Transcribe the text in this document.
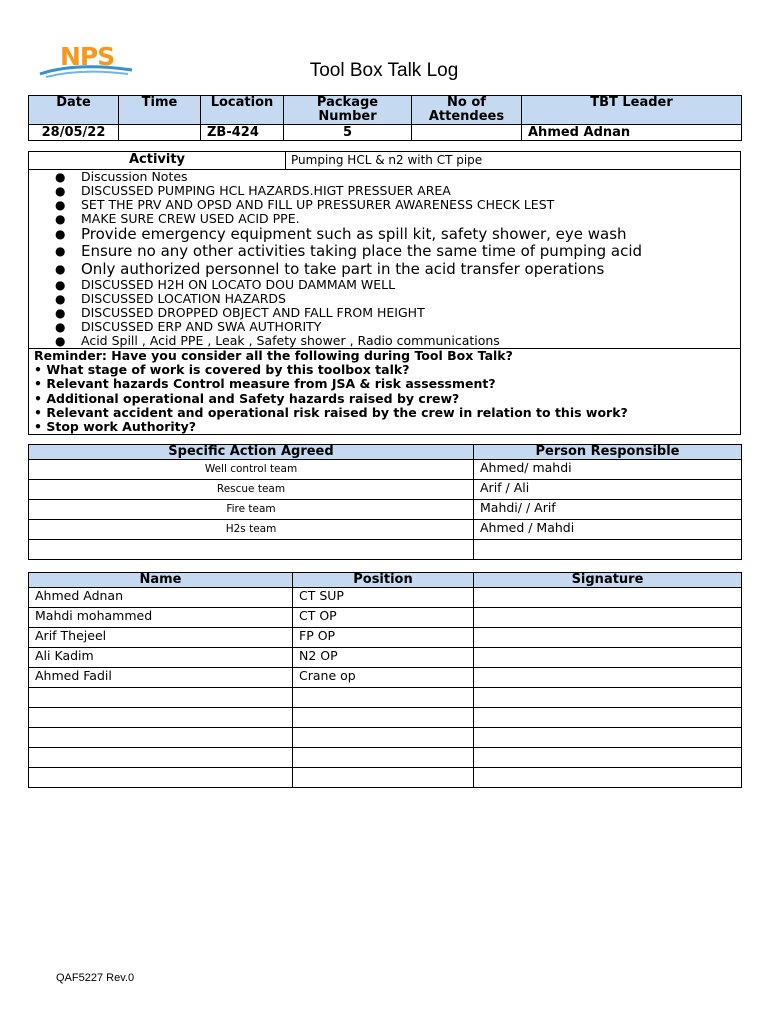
NPS	Tool Box Talk Log
Date	Time	Location	Package Number	No of Attendees	TBT Leader
28/05/22		ZB-424	5		Ahmed Adnan
Activity	Pumping HCL & n2 with CT pipe
● Discussion Notes
● DISCUSSED PUMPING HCL HAZARDS.HIGT PRESSUER AREA
● SET THE PRV AND OPSD AND FILL UP PRESSURER AWARENESS CHECK LEST
● MAKE SURE CREW USED ACID PPE.
● Provide emergency equipment such as spill kit, safety shower, eye wash
● Ensure no any other activities taking place the same time of pumping acid
● Only authorized personnel to take part in the acid transfer operations
● DISCUSSED H2H ON LOCATO DOU DAMMAM WELL
● DISCUSSED LOCATION HAZARDS
● DISCUSSED DROPPED OBJECT AND FALL FROM HEIGHT
● DISCUSSED ERP AND SWA AUTHORITY
● Acid Spill , Acid PPE , Leak , Safety shower , Radio communications
Reminder: Have you consider all the following during Tool Box Talk?
• What stage of work is covered by this toolbox talk?
• Relevant hazards Control measure from JSA & risk assessment?
• Additional operational and Safety hazards raised by crew?
• Relevant accident and operational risk raised by the crew in relation to this work?
• Stop work Authority?
Specific Action Agreed	Person Responsible
Well control team	Ahmed/ mahdi
Rescue team	Arif / Ali
Fire team	Mahdi/ / Arif
H2s team	Ahmed / Mahdi

Name	Position	Signature
Ahmed Adnan	CT SUP	
Mahdi mohammed	CT OP	
Arif Thejeel	FP OP	
Ali Kadim	N2 OP	
Ahmed Fadil	Crane op	

QAF5227 Rev.0
